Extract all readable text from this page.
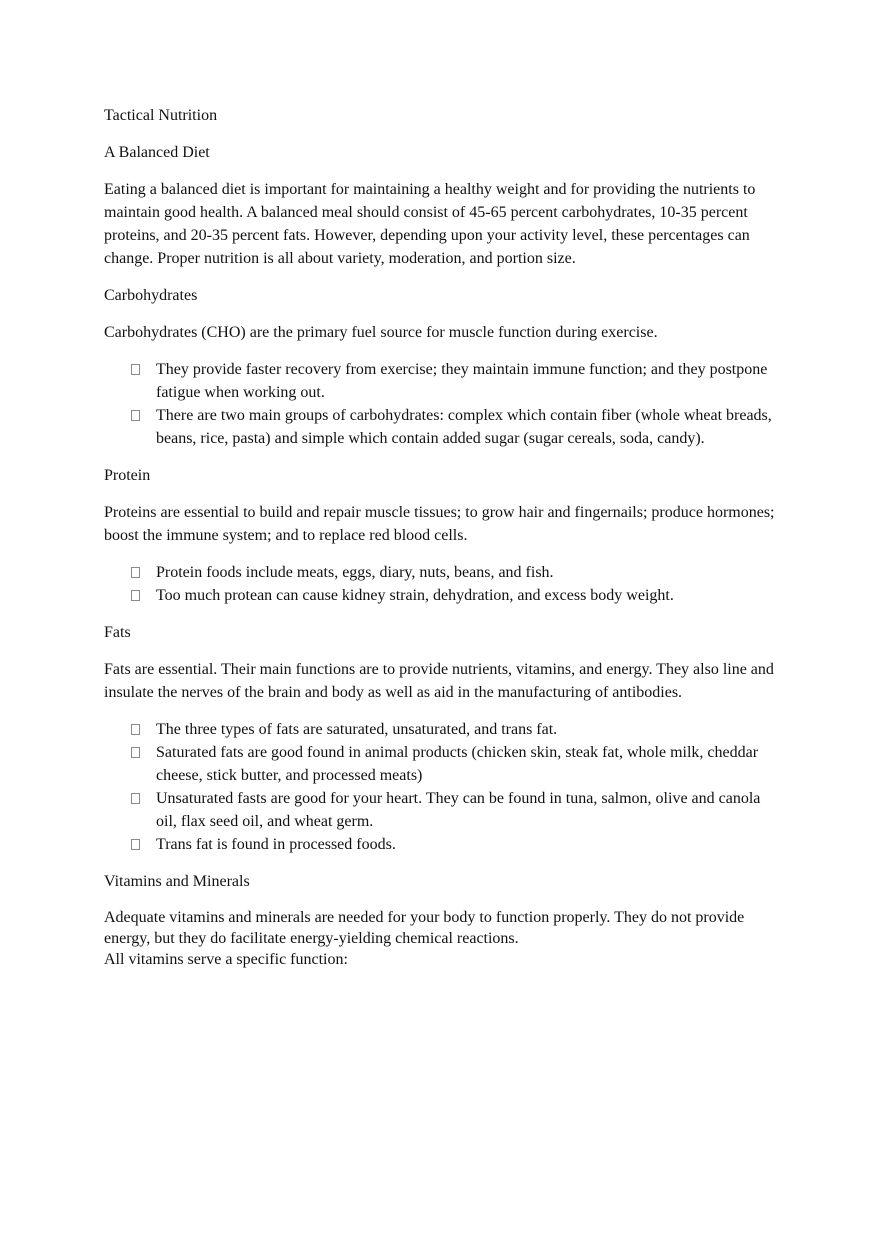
Tactical Nutrition

A Balanced Diet

Eating a balanced diet is important for maintaining a healthy weight and for providing the nutrients to maintain good health. A balanced meal should consist of 45-65 percent carbohydrates, 10-35 percent proteins, and 20-35 percent fats. However, depending upon your activity level, these percentages can change. Proper nutrition is all about variety, moderation, and portion size.

Carbohydrates

Carbohydrates (CHO) are the primary fuel source for muscle function during exercise.

They provide faster recovery from exercise; they maintain immune function; and they postpone fatigue when working out.
There are two main groups of carbohydrates: complex which contain fiber (whole wheat breads, beans, rice, pasta) and simple which contain added sugar (sugar cereals, soda, candy).

Protein

Proteins are essential to build and repair muscle tissues; to grow hair and fingernails; produce hormones; boost the immune system; and to replace red blood cells.

Protein foods include meats, eggs, diary, nuts, beans, and fish.
Too much protean can cause kidney strain, dehydration, and excess body weight.

Fats

Fats are essential. Their main functions are to provide nutrients, vitamins, and energy. They also line and insulate the nerves of the brain and body as well as aid in the manufacturing of antibodies.

The three types of fats are saturated, unsaturated, and trans fat.
Saturated fats are good found in animal products (chicken skin, steak fat, whole milk, cheddar cheese, stick butter, and processed meats)
Unsaturated fasts are good for your heart. They can be found in tuna, salmon, olive and canola oil, flax seed oil, and wheat germ.
Trans fat is found in processed foods.

Vitamins and Minerals

Adequate vitamins and minerals are needed for your body to function properly. They do not provide energy, but they do facilitate energy-yielding chemical reactions.

All vitamins serve a specific function:
